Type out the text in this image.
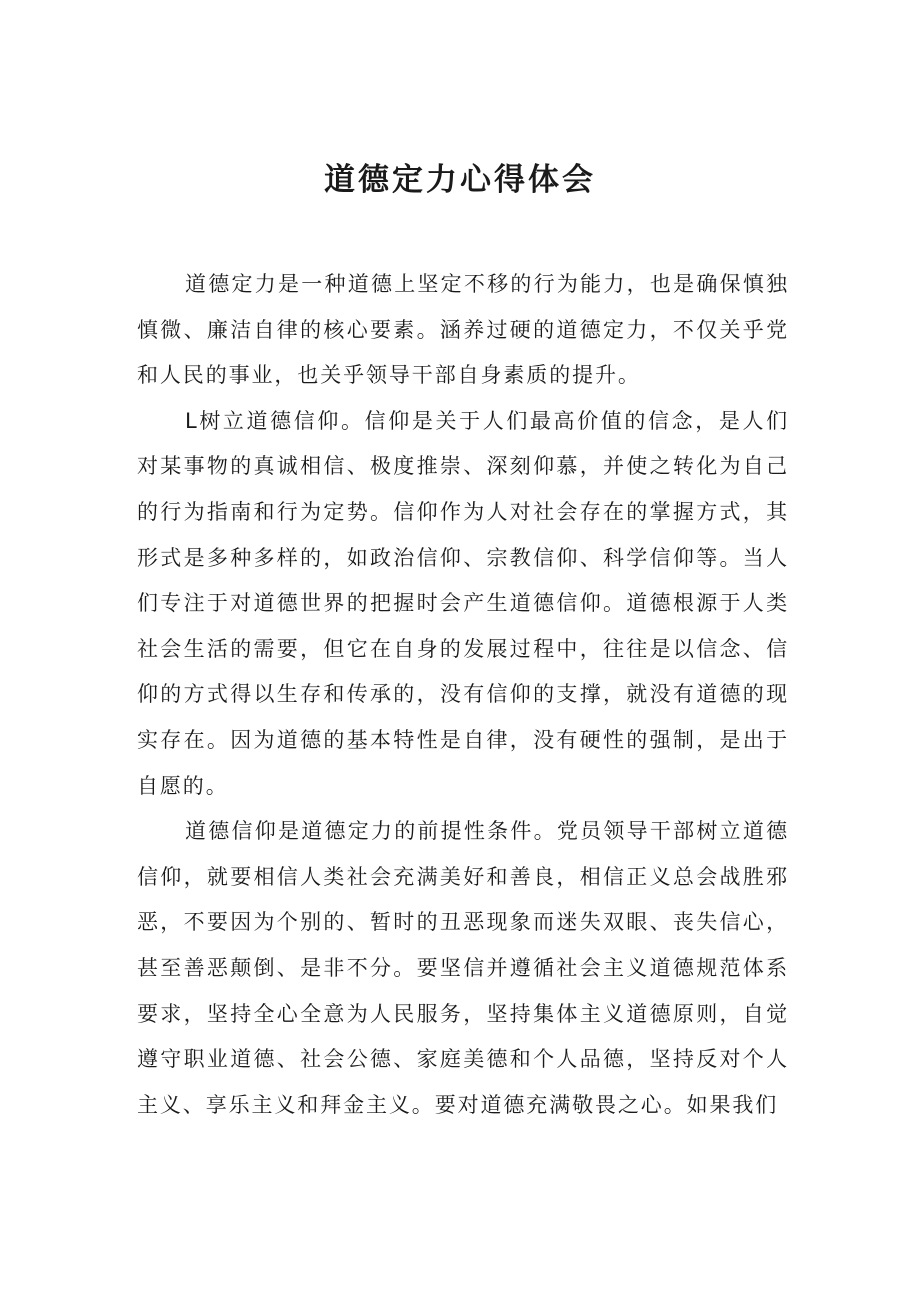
道德定力心得体会

道德定力是一种道德上坚定不移的行为能力，也是确保慎独慎微、廉洁自律的核心要素。涵养过硬的道德定力，不仅关乎党和人民的事业，也关乎领导干部自身素质的提升。

L树立道德信仰。信仰是关于人们最高价值的信念，是人们对某事物的真诚相信、极度推崇、深刻仰慕，并使之转化为自己的行为指南和行为定势。信仰作为人对社会存在的掌握方式，其形式是多种多样的，如政治信仰、宗教信仰、科学信仰等。当人们专注于对道德世界的把握时会产生道德信仰。道德根源于人类社会生活的需要，但它在自身的发展过程中，往往是以信念、信仰的方式得以生存和传承的，没有信仰的支撑，就没有道德的现实存在。因为道德的基本特性是自律，没有硬性的强制，是出于自愿的。

道德信仰是道德定力的前提性条件。党员领导干部树立道德信仰，就要相信人类社会充满美好和善良，相信正义总会战胜邪恶，不要因为个别的、暂时的丑恶现象而迷失双眼、丧失信心，甚至善恶颠倒、是非不分。要坚信并遵循社会主义道德规范体系要求，坚持全心全意为人民服务，坚持集体主义道德原则，自觉遵守职业道德、社会公德、家庭美德和个人品德，坚持反对个人主义、享乐主义和拜金主义。要对道德充满敬畏之心。如果我们
